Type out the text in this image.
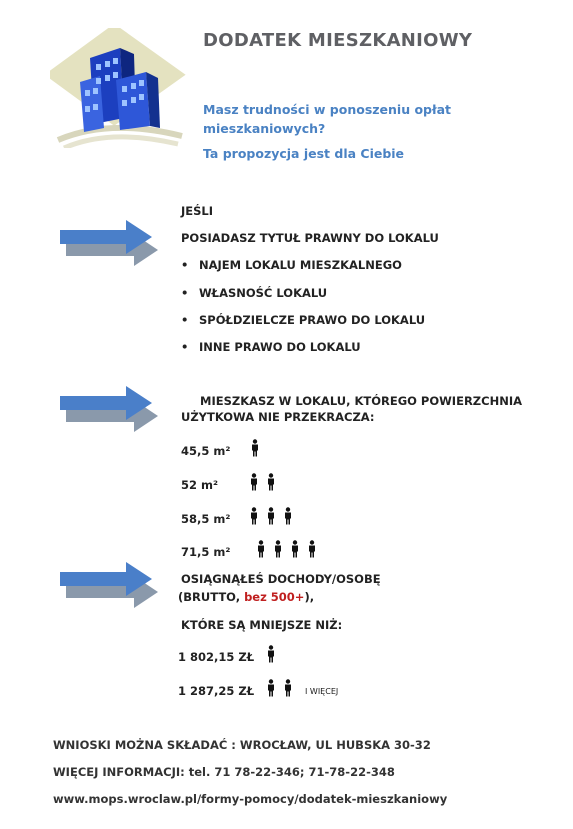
DODATEK MIESZKANIOWY
Masz trudności w ponoszeniu opłat mieszkaniowych?
Ta propozycja jest dla Ciebie
JEŚLI
POSIADASZ TYTUŁ PRAWNY DO LOKALU
• NAJEM LOKALU MIESZKALNEGO
• WŁASNOŚĆ LOKALU
• SPÓŁDZIELCZE PRAWO DO LOKALU
• INNE PRAWO DO LOKALU
MIESZKASZ W LOKALU, KTÓREGO POWIERZCHNIA
UŻYTKOWA NIE PRZEKRACZA:
45,5 m²
52 m²
58,5 m²
71,5 m²
OSIĄGNĄŁEŚ DOCHODY/OSOBĘ
(BRUTTO, bez 500+),
KTÓRE SĄ MNIEJSZE NIŻ:
1 802,15 ZŁ
1 287,25 ZŁ	I WIĘCEJ
WNIOSKI MOŻNA SKŁADAĆ : WROCŁAW, UL HUBSKA 30-32
WIĘCEJ INFORMACJI: tel. 71 78-22-346; 71-78-22-348
www.mops.wroclaw.pl/formy-pomocy/dodatek-mieszkaniowy
